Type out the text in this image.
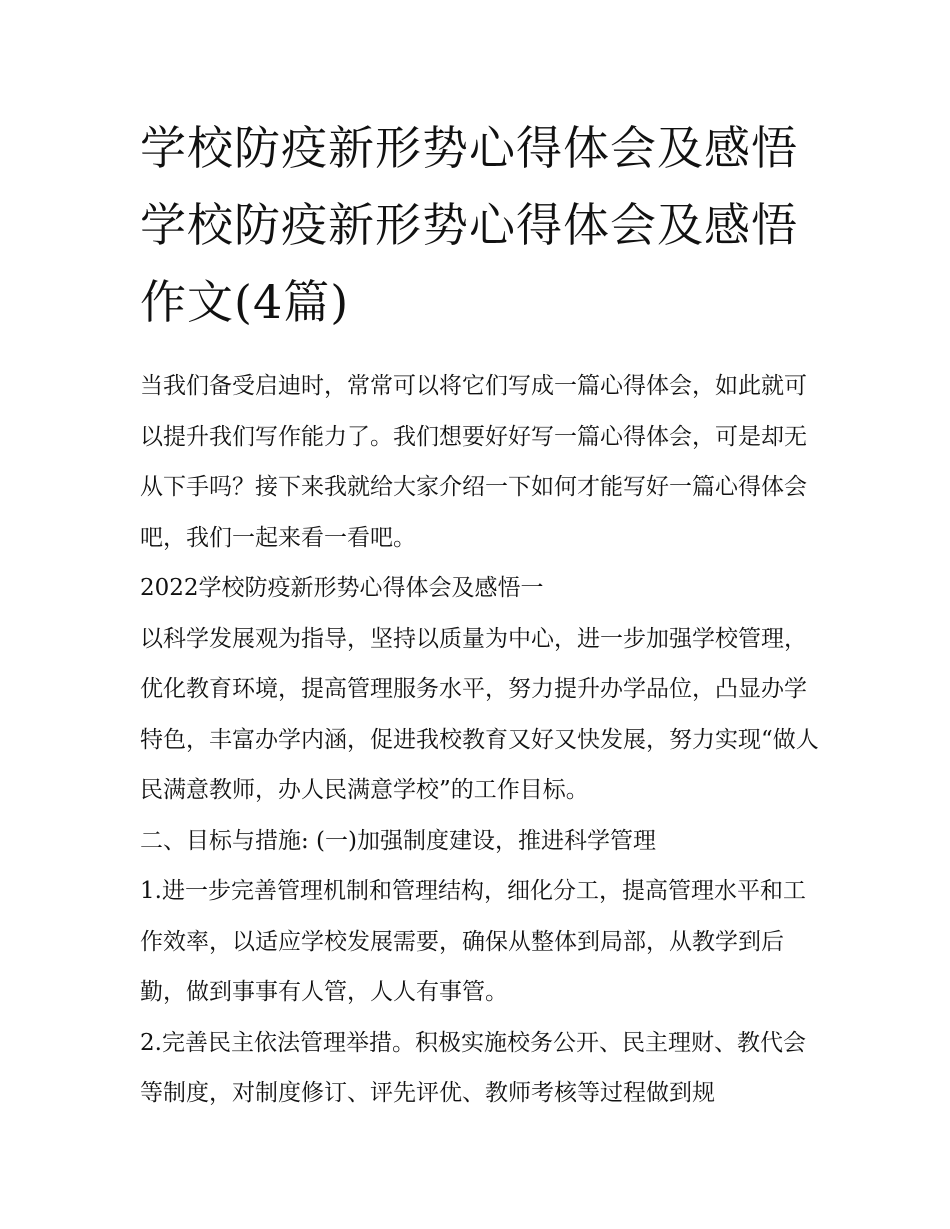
学校防疫新形势心得体会及感悟 学校防疫新形势心得体会及感悟作文(4篇)

当我们备受启迪时，常常可以将它们写成一篇心得体会，如此就可以提升我们写作能力了。我们想要好好写一篇心得体会，可是却无从下手吗？接下来我就给大家介绍一下如何才能写好一篇心得体会吧，我们一起来看一看吧。

2022学校防疫新形势心得体会及感悟一

以科学发展观为指导，坚持以质量为中心，进一步加强学校管理，优化教育环境，提高管理服务水平，努力提升办学品位，凸显办学特色，丰富办学内涵，促进我校教育又好又快发展，努力实现“做人民满意教师，办人民满意学校”的工作目标。

二、目标与措施: (一)加强制度建设，推进科学管理

1.进一步完善管理机制和管理结构，细化分工，提高管理水平和工作效率，以适应学校发展需要，确保从整体到局部，从教学到后勤，做到事事有人管，人人有事管。

2.完善民主依法管理举措。积极实施校务公开、民主理财、教代会等制度，对制度修订、评先评优、教师考核等过程做到规
